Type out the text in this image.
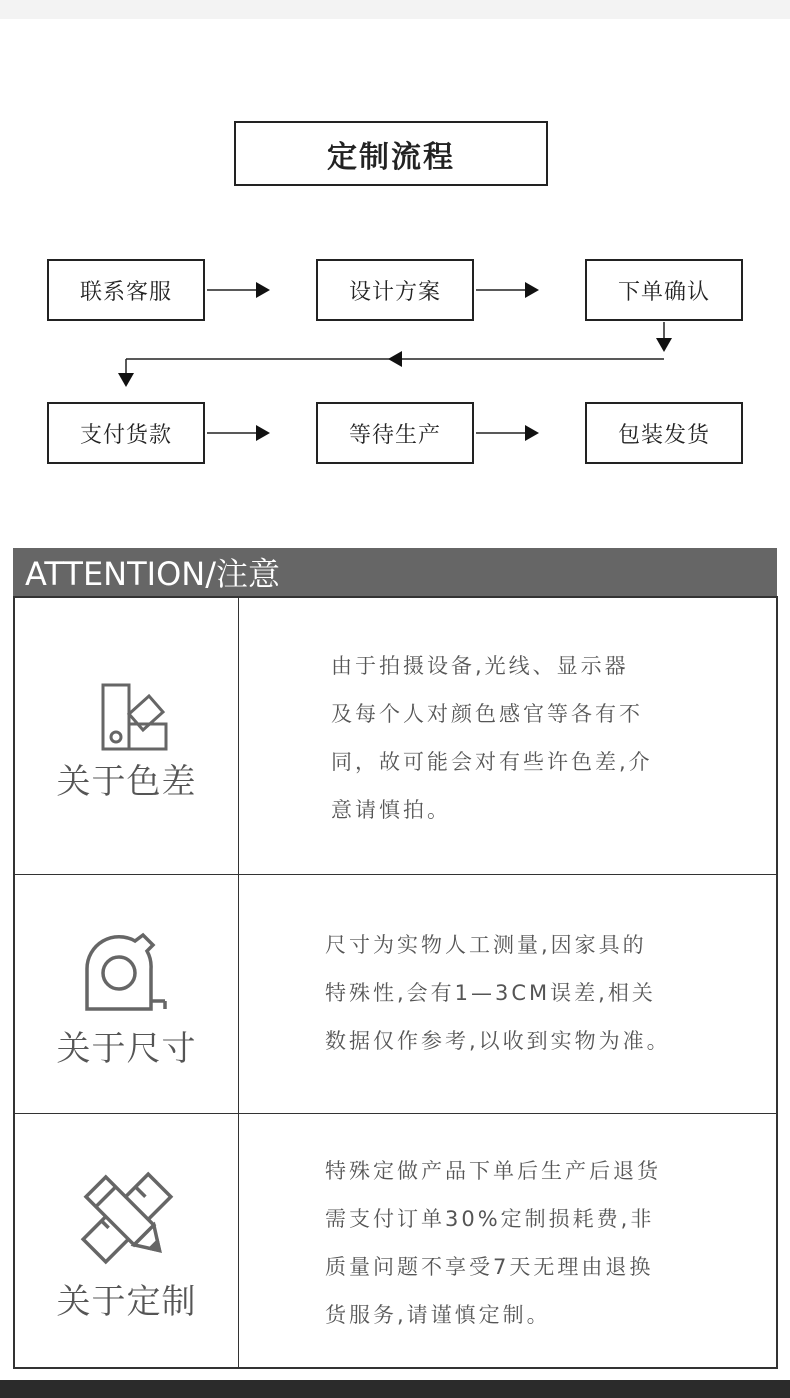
定制流程
联系客服	设计方案	下单确认
支付货款	等待生产	包装发货
ATTENTION/注意
关于色差
由于拍摄设备,光线、显示器
及每个人对颜色感官等各有不
同，故可能会对有些许色差,介
意请慎拍。
关于尺寸
尺寸为实物人工测量,因家具的
特殊性,会有1—3CM误差,相关
数据仅作参考,以收到实物为准。
关于定制
特殊定做产品下单后生产后退货
需支付订单30%定制损耗费,非
质量问题不享受7天无理由退换
货服务,请谨慎定制。
